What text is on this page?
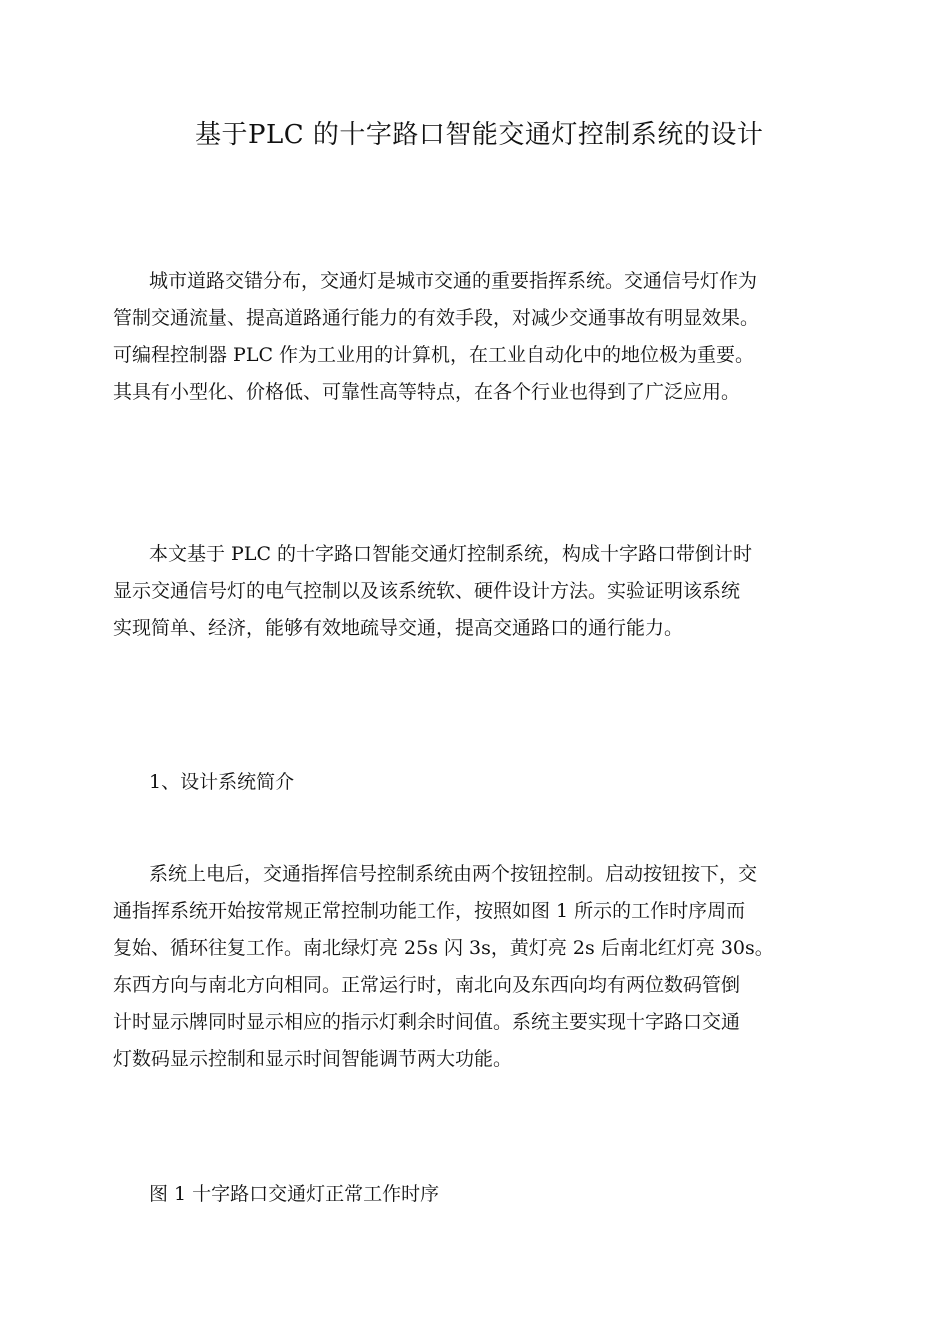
基于PLC 的十字路口智能交通灯控制系统的设计
城市道路交错分布，交通灯是城市交通的重要指挥系统。交通信号灯作为
管制交通流量、提高道路通行能力的有效手段，对减少交通事故有明显效果。
可编程控制器 PLC 作为工业用的计算机，在工业自动化中的地位极为重要。
其具有小型化、价格低、可靠性高等特点，在各个行业也得到了广泛应用。
本文基于 PLC 的十字路口智能交通灯控制系统，构成十字路口带倒计时
显示交通信号灯的电气控制以及该系统软、硬件设计方法。实验证明该系统
实现简单、经济，能够有效地疏导交通，提高交通路口的通行能力。
1、设计系统简介
系统上电后，交通指挥信号控制系统由两个按钮控制。启动按钮按下，交
通指挥系统开始按常规正常控制功能工作，按照如图 1 所示的工作时序周而
复始、循环往复工作。南北绿灯亮 25s 闪 3s，黄灯亮 2s 后南北红灯亮 30s。
东西方向与南北方向相同。正常运行时，南北向及东西向均有两位数码管倒
计时显示牌同时显示相应的指示灯剩余时间值。系统主要实现十字路口交通
灯数码显示控制和显示时间智能调节两大功能。
图 1 十字路口交通灯正常工作时序
